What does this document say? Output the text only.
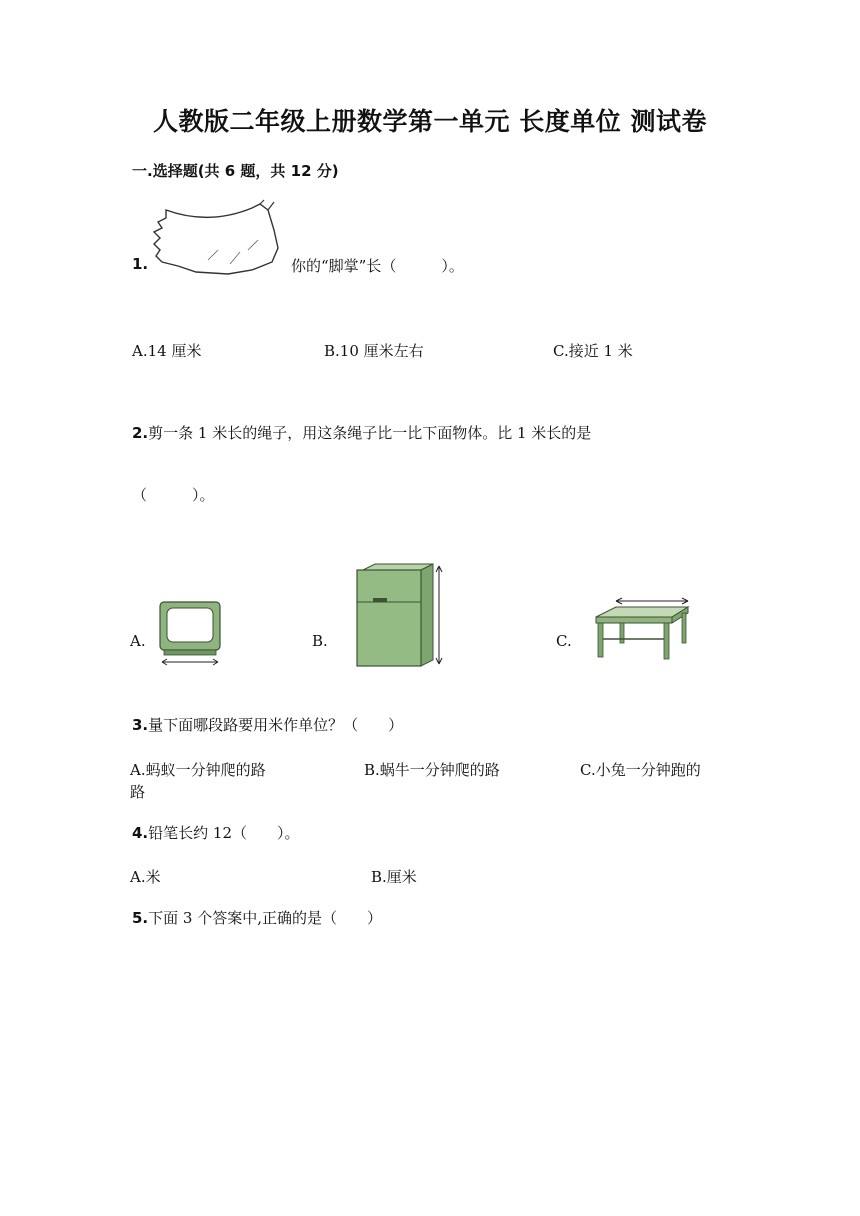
人教版二年级上册数学第一单元 长度单位 测试卷
一.选择题(共 6 题，共 12 分)
1.	你的“脚掌”长（　　　）。
A.14 厘米	B.10 厘米左右	C.接近 1 米
2.剪一条 1 米长的绳子，用这条绳子比一比下面物体。比 1 米长的是
（　　　）。
A.	B.	C.
3.量下面哪段路要用米作单位？（　　）
A.蚂蚁一分钟爬的路	B.蜗牛一分钟爬的路	C.小兔一分钟跑的
路
4.铅笔长约 12（　　）。
A.米	B.厘米
5.下面 3 个答案中,正确的是（　　）
